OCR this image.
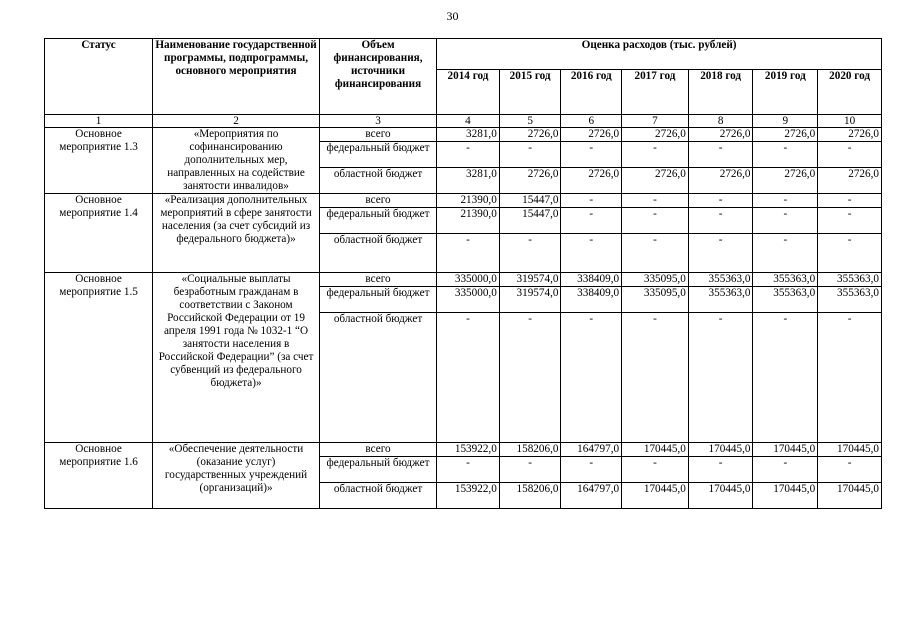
30
Статус	Наименование государственной программы, подпрограммы, основного мероприятия	Объем финансирования, источники финансирования	Оценка расходов (тыс. рублей)						
			2014 год	2015 год	2016 год	2017 год	2018 год	2019 год	2020 год
1	2	3	4	5	6	7	8	9	10
Основное мероприятие 1.3	«Мероприятия по софинансированию дополнительных мер, направленных на содействие занятости инвалидов»	всего	3281,0	2726,0	2726,0	2726,0	2726,0	2726,0	2726,0
		федеральный бюджет	-	-	-	-	-	-	-
		областной бюджет	3281,0	2726,0	2726,0	2726,0	2726,0	2726,0	2726,0
Основное мероприятие 1.4	«Реализация дополнительных мероприятий в сфере занятости населения (за счет субсидий из федерального бюджета)»	всего	21390,0	15447,0	-	-	-	-	-
		федеральный бюджет	21390,0	15447,0	-	-	-	-	-
		областной бюджет	-	-	-	-	-	-	-
Основное мероприятие 1.5	«Социальные выплаты безработным гражданам в соответствии с Законом Российской Федерации от 19 апреля 1991 года № 1032-1 “О занятости населения в Российской Федерации” (за счет субвенций из федерального бюджета)»	всего	335000,0	319574,0	338409,0	335095,0	355363,0	355363,0	355363,0
		федеральный бюджет	335000,0	319574,0	338409,0	335095,0	355363,0	355363,0	355363,0
		областной бюджет	-	-	-	-	-	-	-
Основное мероприятие 1.6	«Обеспечение деятельности (оказание услуг) государственных учреждений (организаций)»	всего	153922,0	158206,0	164797,0	170445,0	170445,0	170445,0	170445,0
		федеральный бюджет	-	-	-	-	-	-	-
		областной бюджет	153922,0	158206,0	164797,0	170445,0	170445,0	170445,0	170445,0
